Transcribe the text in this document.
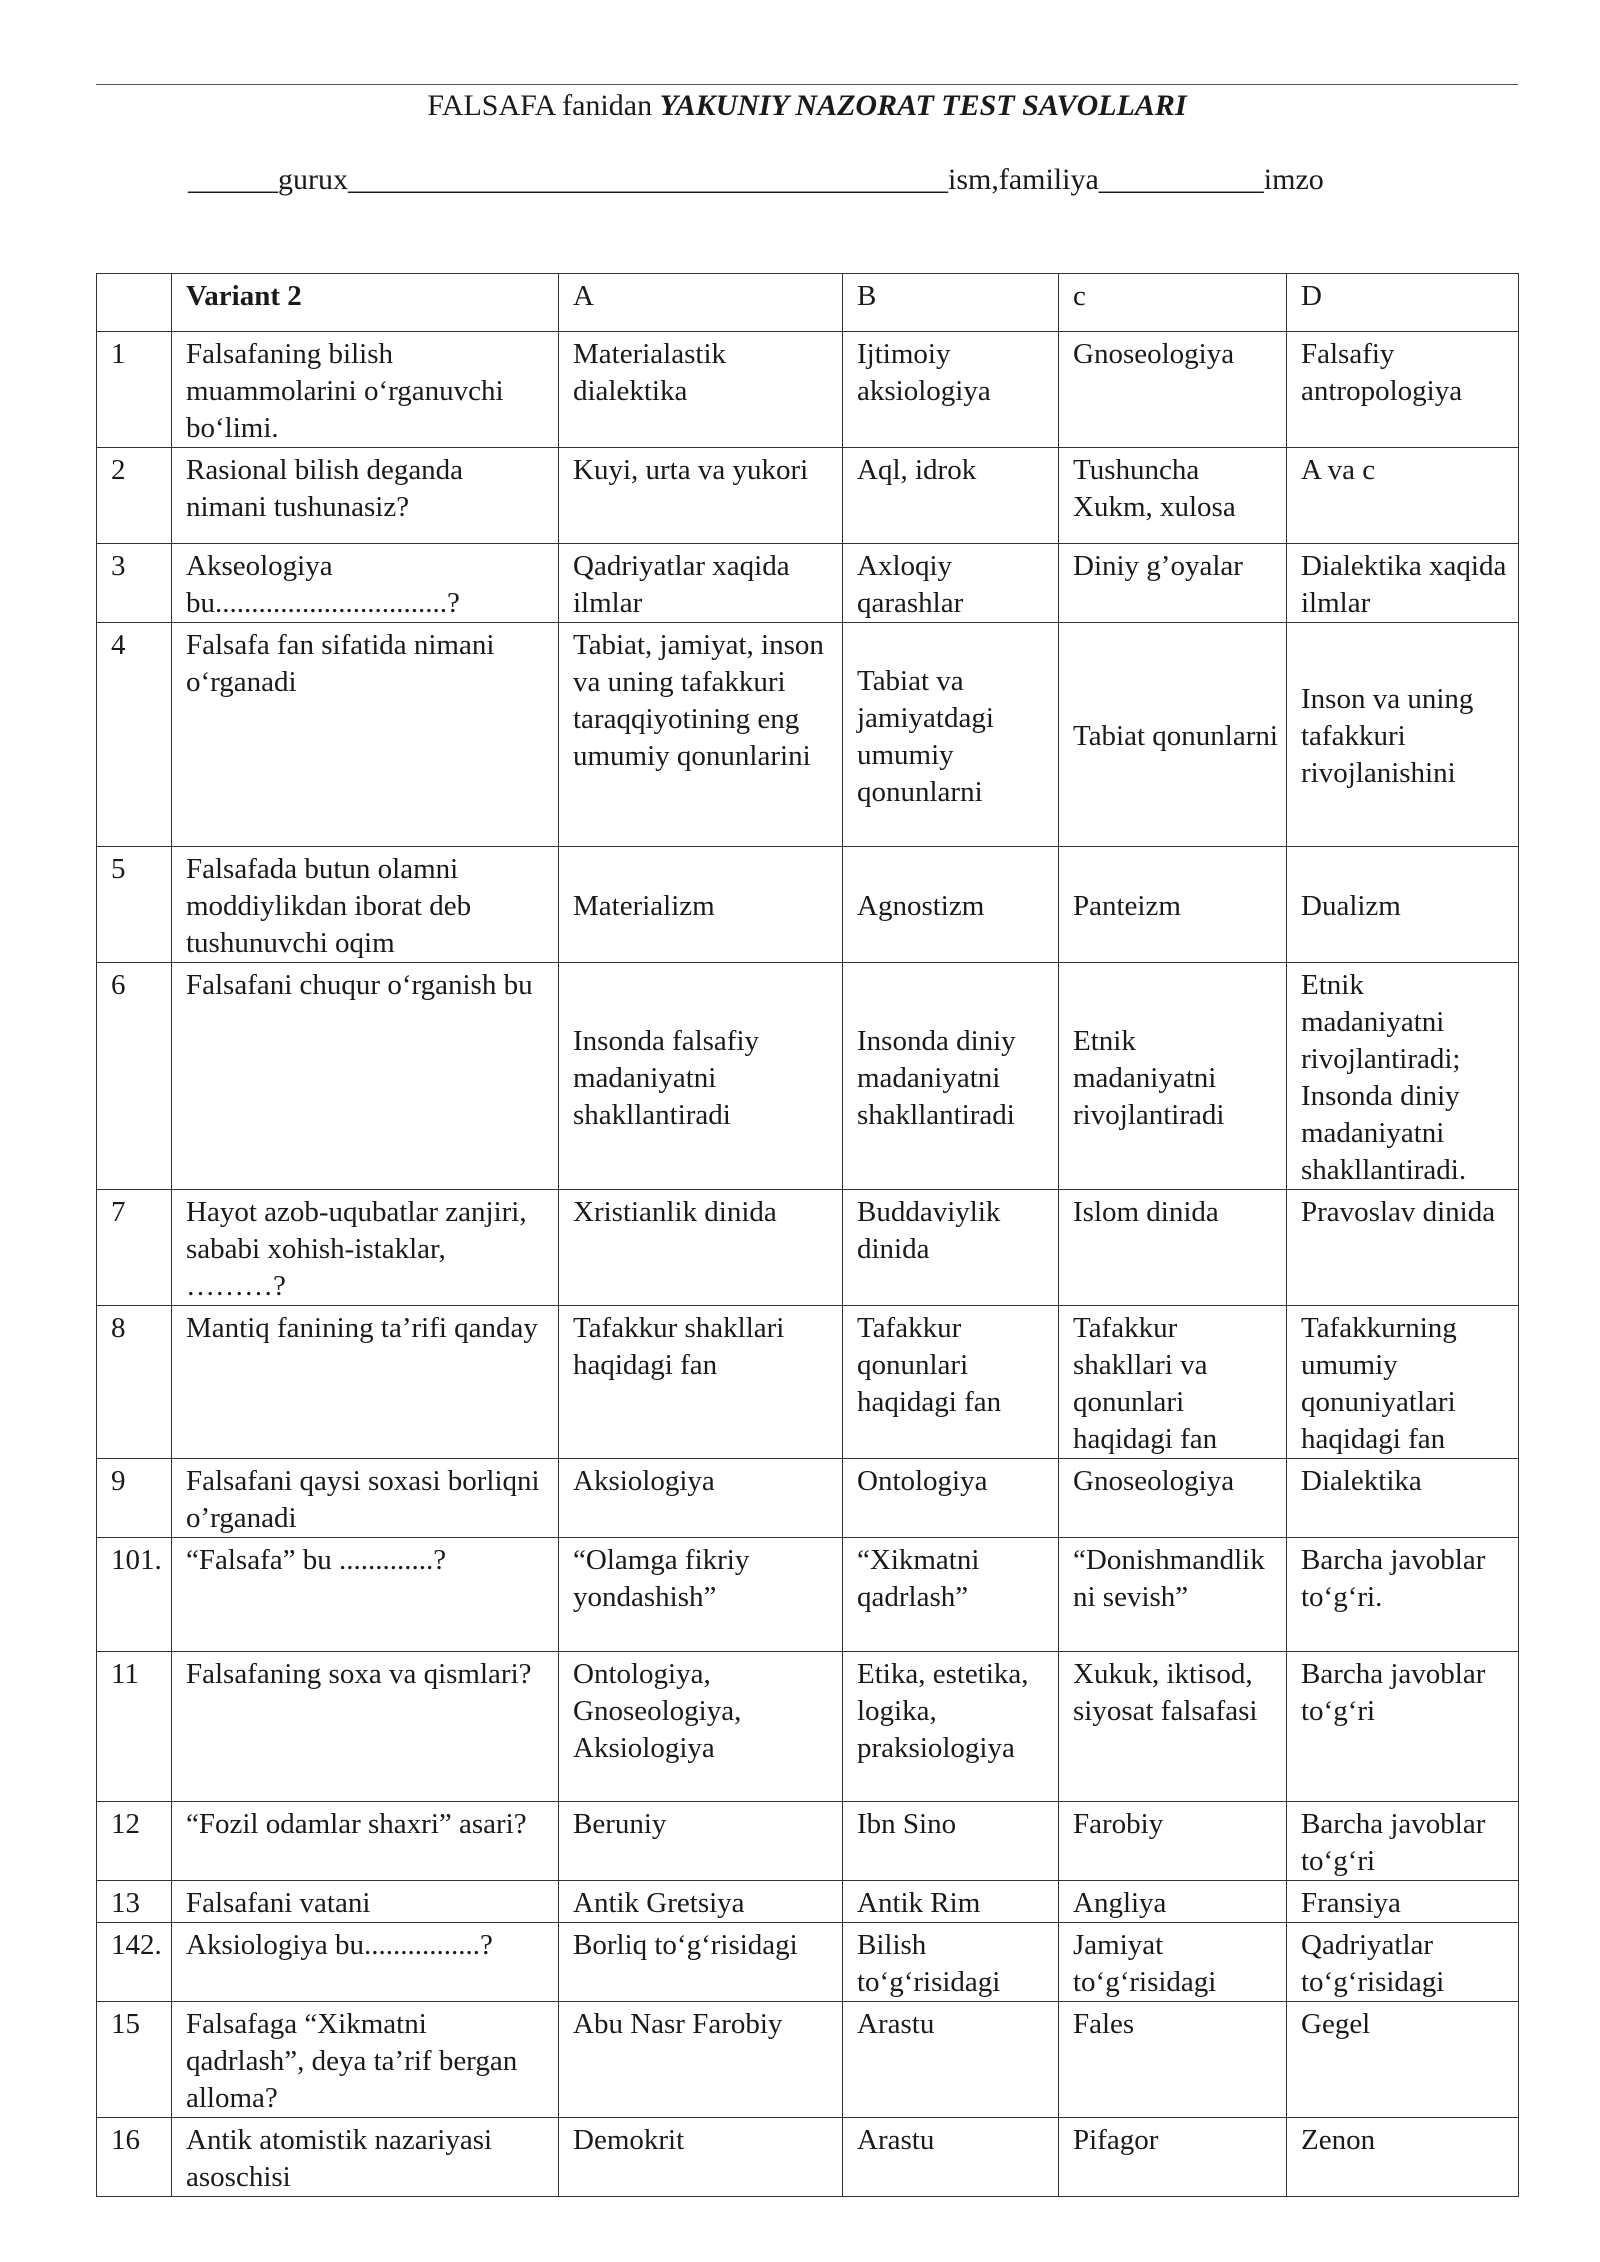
FALSAFA fanidan YAKUNIY NAZORAT TEST SAVOLLARI
______gurux________________________________________ism,familiya___________imzo
	Variant 2	A	B	c	D
1	Falsafaning bilish muammolarini o‘rganuvchi bo‘limi.	Materialastik dialektika	Ijtimoiy aksiologiya	Gnoseologiya	Falsafiy antropologiya
2	Rasional bilish deganda nimani tushunasiz?	Kuyi, urta va yukori	Aql, idrok	Tushuncha Xukm, xulosa	A va c
3	Akseologiya bu................................?	Qadriyatlar xaqida ilmlar	Axloqiy qarashlar	Diniy g’oyalar	Dialektika xaqida ilmlar
4	Falsafa fan sifatida nimani o‘rganadi	Tabiat, jamiyat, inson va uning tafakkuri taraqqiyotining eng umumiy qonunlarini	Tabiat va jamiyatdagi umumiy qonunlarni	Tabiat qonunlarni	Inson va uning tafakkuri rivojlanishini
5	Falsafada butun olamni moddiylikdan iborat deb tushunuvchi oqim	Materializm	Agnostizm	Panteizm	Dualizm
6	Falsafani chuqur o‘rganish bu	Insonda falsafiy madaniyatni shakllantiradi	Insonda diniy madaniyatni shakllantiradi	Etnik madaniyatni rivojlantiradi	Etnik madaniyatni rivojlantiradi; Insonda diniy madaniyatni shakllantiradi.
7	Hayot azob-uqubatlar zanjiri, sababi xohish-istaklar, ………?	Xristianlik dinida	Buddaviylik dinida	Islom dinida	Pravoslav dinida
8	Mantiq fanining ta’rifi qanday	Tafakkur shakllari haqidagi fan	Tafakkur qonunlari haqidagi fan	Tafakkur shakllari va qonunlari haqidagi fan	Tafakkurning umumiy qonuniyatlari haqidagi fan
9	Falsafani qaysi soxasi borliqni o’rganadi	Aksiologiya	Ontologiya	Gnoseologiya	Dialektika
101.	“Falsafa” bu .............?	“Olamga fikriy yondashish”	“Xikmatni qadrlash”	“Donishmandlikni sevish”	Barcha javoblar to‘g‘ri.
11	Falsafaning soxa va qismlari?	Ontologiya, Gnoseologiya, Aksiologiya	Etika, estetika, logika, praksiologiya	Xukuk, iktisod, siyosat falsafasi	Barcha javoblar to‘g‘ri
12	“Fozil odamlar shaxri” asari?	Beruniy	Ibn Sino	Farobiy	Barcha javoblar to‘g‘ri
13	Falsafani vatani	Antik Gretsiya	Antik Rim	Angliya	Fransiya
142.	Aksiologiya bu................?	Borliq to‘g‘risidagi	Bilish to‘g‘risidagi	Jamiyat to‘g‘risidagi	Qadriyatlar to‘g‘risidagi
15	Falsafaga “Xikmatni qadrlash”, deya ta’rif bergan alloma?	Abu Nasr Farobiy	Arastu	Fales	Gegel
16	Antik atomistik nazariyasi asoschisi	Demokrit	Arastu	Pifagor	Zenon
